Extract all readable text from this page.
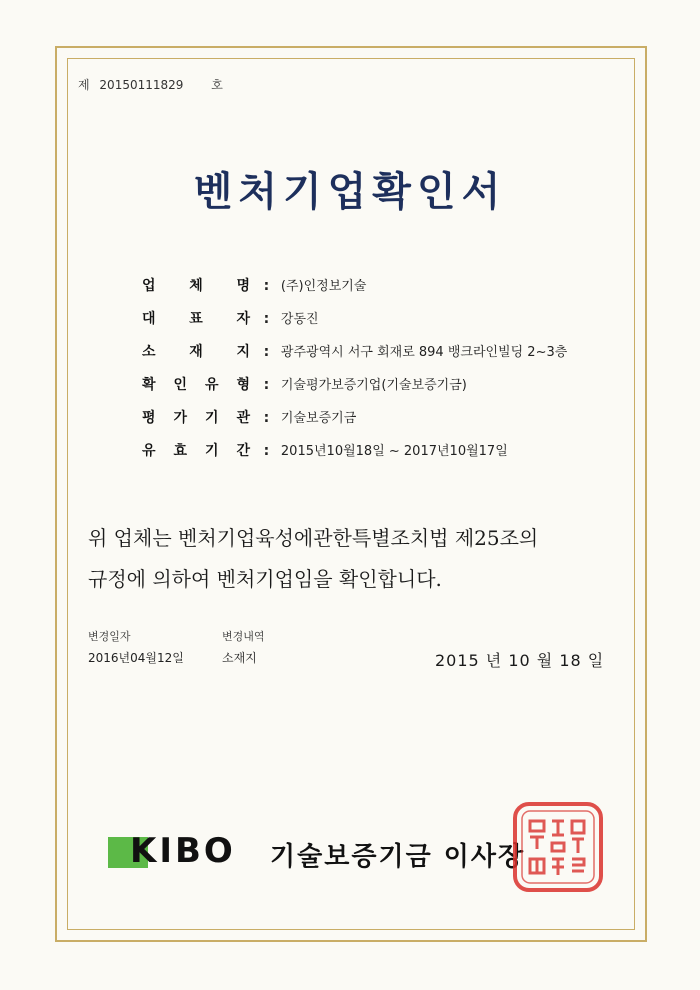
제 20150111829 호
벤처기업확인서
업 체 명 : (주)인정보기술
대 표 자 : 강동진
소 재 지 : 광주광역시 서구 회재로 894 뱅크라인빌딩 2~3층
확 인 유 형 : 기술평가보증기업(기술보증기금)
평 가 기 관 : 기술보증기금
유 효 기 간 : 2015년10월18일 ~ 2017년10월17일
위 업체는 벤처기업육성에관한특별조치법 제25조의
규정에 의하여 벤처기업임을 확인합니다.
변경일자	변경내역
2016년04월12일	소재지	2015 년 10 월 18 일
KIBO 기술보증기금 이사장
